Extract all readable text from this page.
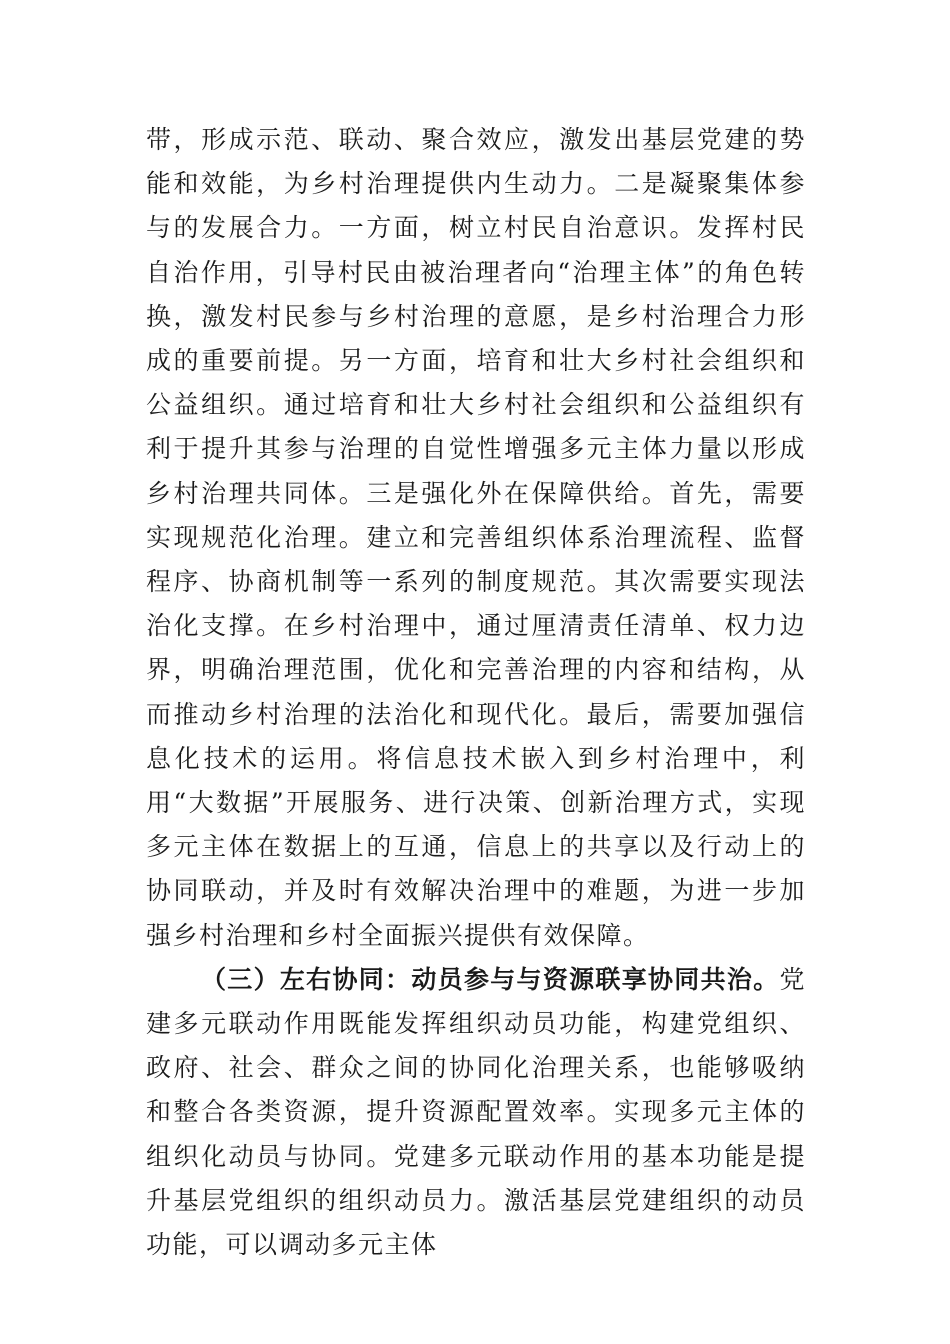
带，形成示范、联动、聚合效应，激发出基层党建的势能和效能，为乡村治理提供内生动力。二是凝聚集体参与的发展合力。一方面，树立村民自治意识。发挥村民自治作用，引导村民由被治理者向“治理主体”的角色转换，激发村民参与乡村治理的意愿，是乡村治理合力形成的重要前提。另一方面，培育和壮大乡村社会组织和公益组织。通过培育和壮大乡村社会组织和公益组织有利于提升其参与治理的自觉性增强多元主体力量以形成乡村治理共同体。三是强化外在保障供给。首先，需要实现规范化治理。建立和完善组织体系治理流程、监督程序、协商机制等一系列的制度规范。其次需要实现法治化支撑。在乡村治理中，通过厘清责任清单、权力边界，明确治理范围，优化和完善治理的内容和结构，从而推动乡村治理的法治化和现代化。最后，需要加强信息化技术的运用。将信息技术嵌入到乡村治理中，利用“大数据”开展服务、进行决策、创新治理方式，实现多元主体在数据上的互通，信息上的共享以及行动上的协同联动，并及时有效解决治理中的难题，为进一步加强乡村治理和乡村全面振兴提供有效保障。

（三）左右协同：动员参与与资源联享协同共治。党建多元联动作用既能发挥组织动员功能，构建党组织、政府、社会、群众之间的协同化治理关系，也能够吸纳和整合各类资源，提升资源配置效率。实现多元主体的组织化动员与协同。党建多元联动作用的基本功能是提升基层党组织的组织动员力。激活基层党建组织的动员功能，可以调动多元主体
